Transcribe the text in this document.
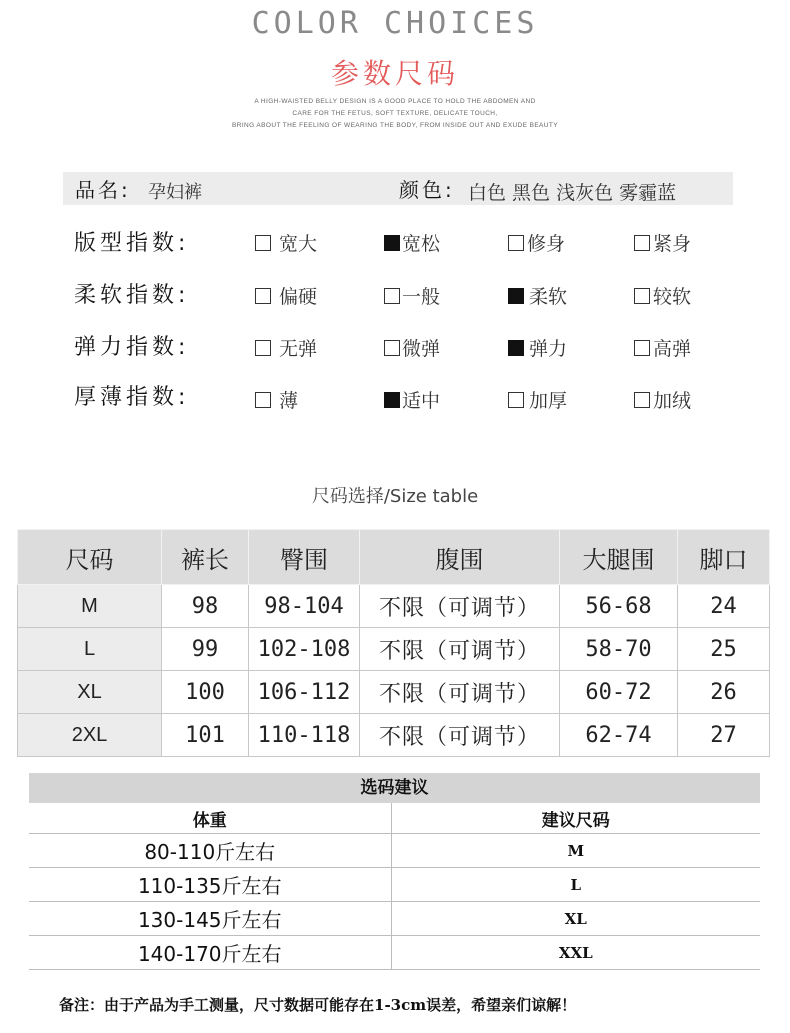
COLOR CHOICES
参数尺码
A HIGH-WAISTED BELLY DESIGN IS A GOOD PLACE TO HOLD THE ABDOMEN AND
CARE FOR THE FETUS, SOFT TEXTURE, DELICATE TOUCH,
BRING ABOUT THE FEELING OF WEARING THE BODY, FROM INSIDE OUT AND EXUDE BEAUTY
品名: 孕妇裤	颜色: 白色 黑色 浅灰色 雾霾蓝
版型指数:	宽大	宽松	修身	紧身
柔软指数:	偏硬	一般	柔软	较软
弹力指数:	无弹	微弹	弹力	高弹
厚薄指数:	薄	适中	加厚	加绒
尺码选择/Size table
尺码	裤长	臀围	腹围	大腿围	脚口
M	98	98-104	不限（可调节）	56-68	24
L	99	102-108	不限（可调节）	58-70	25
XL	100	106-112	不限（可调节）	60-72	26
2XL	101	110-118	不限（可调节）	62-74	27
选码建议
体重	建议尺码
80-110斤左右	M
110-135斤左右	L
130-145斤左右	XL
140-170斤左右	XXL
备注：由于产品为手工测量，尺寸数据可能存在1-3cm误差，希望亲们谅解！
